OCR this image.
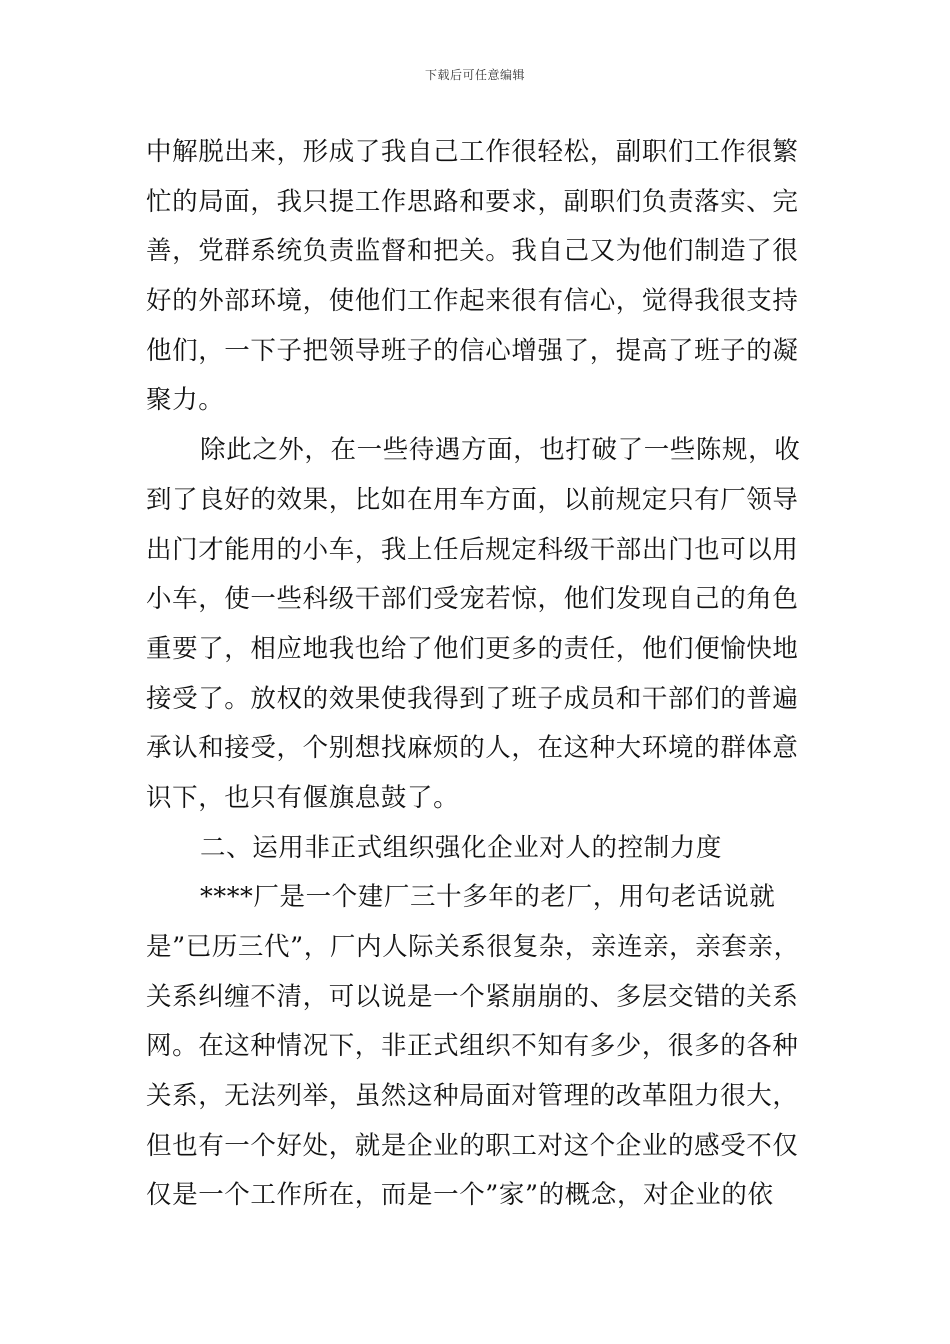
下载后可任意编辑
中解脱出来，形成了我自己工作很轻松，副职们工作很繁
忙的局面，我只提工作思路和要求，副职们负责落实、完
善，党群系统负责监督和把关。我自己又为他们制造了很
好的外部环境，使他们工作起来很有信心，觉得我很支持
他们，一下子把领导班子的信心增强了，提高了班子的凝
聚力。
除此之外，在一些待遇方面，也打破了一些陈规，收
到了良好的效果，比如在用车方面，以前规定只有厂领导
出门才能用的小车，我上任后规定科级干部出门也可以用
小车，使一些科级干部们受宠若惊，他们发现自己的角色
重要了，相应地我也给了他们更多的责任，他们便愉快地
接受了。放权的效果使我得到了班子成员和干部们的普遍
承认和接受，个别想找麻烦的人，在这种大环境的群体意
识下，也只有偃旗息鼓了。
二、运用非正式组织强化企业对人的控制力度
****厂是一个建厂三十多年的老厂，用句老话说就
是”已历三代”，厂内人际关系很复杂，亲连亲，亲套亲，
关系纠缠不清，可以说是一个紧崩崩的、多层交错的关系
网。在这种情况下，非正式组织不知有多少，很多的各种
关系，无法列举，虽然这种局面对管理的改革阻力很大，
但也有一个好处，就是企业的职工对这个企业的感受不仅
仅是一个工作所在，而是一个”家”的概念，对企业的依
